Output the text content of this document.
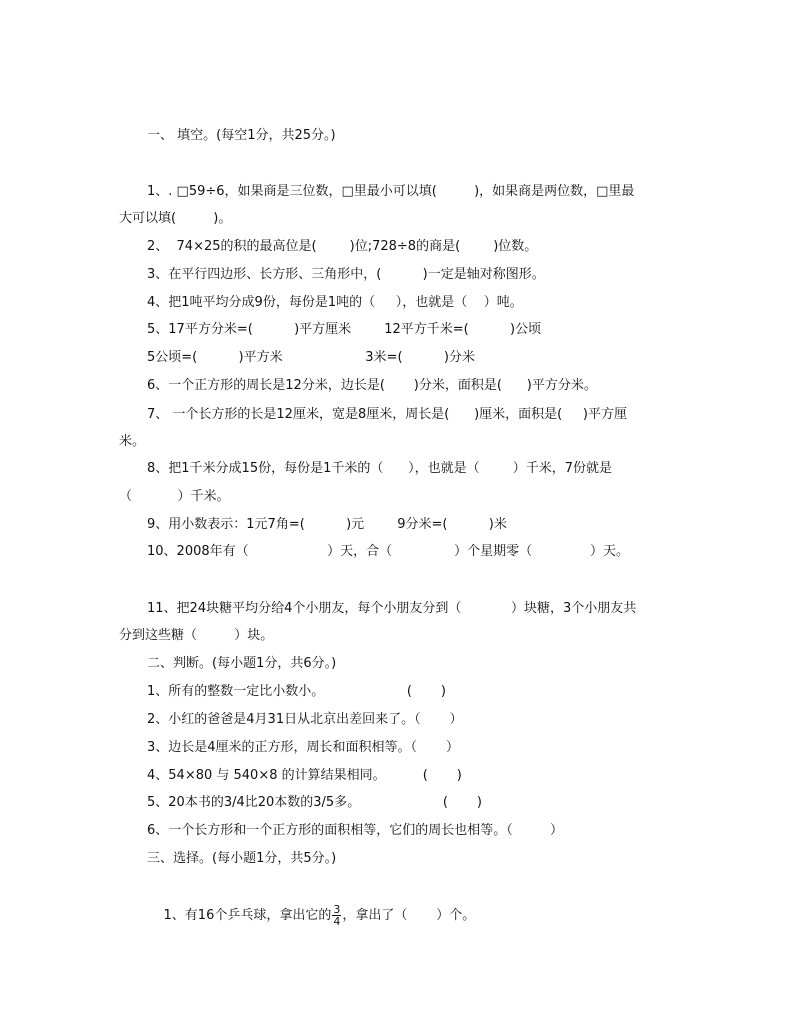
一、 填空。(每空1分，共25分。)
1、. □59÷6，如果商是三位数，□里最小可以填(         )，如果商是两位数，□里最
大可以填(         )。
2、  74×25的积的最高位是(        )位;728÷8的商是(        )位数。
3、在平行四边形、长方形、三角形中，(          )一定是轴对称图形。
4、把1吨平均分成9份，每份是1吨的（     ），也就是（    ）吨。
5、17平方分米=(          )平方厘米        12平方千米=(          )公顷
5公顷=(          )平方米                    3米=(          )分米
6、一个正方形的周长是12分米，边长是(       )分米，面积是(      )平方分米。
7、 一个长方形的长是12厘米，宽是8厘米，周长是(      )厘米，面积是(     )平方厘
米。
8、把1千米分成15份，每份是1千米的（      ），也就是（        ）千米，7份就是
（           ）千米。
9、用小数表示：1元7角=(          )元        9分米=(          )米
10、2008年有（                   ）天，合（               ）个星期零（              ）天。
11、把24块糖平均分给4个小朋友，每个小朋友分到（            ）块糖，3个小朋友共
分到这些糖（         ）块。
二、判断。(每小题1分，共6分。)
1、所有的整数一定比小数小。                    (       )
2、小红的爸爸是4月31日从北京出差回来了。（       ）
3、边长是4厘米的正方形，周长和面积相等。（       ）
4、54×80 与 540×8 的计算结果相同。         (       )
5、20本书的3/4比20本数的3/5多。                    (       )
6、一个长方形和一个正方形的面积相等，它们的周长也相等。（         ）
三、选择。(每小题1分，共5分。)

1、有16个乒乓球，拿出它的 $\frac{3}{4}$ ，拿出了（       ）个。
